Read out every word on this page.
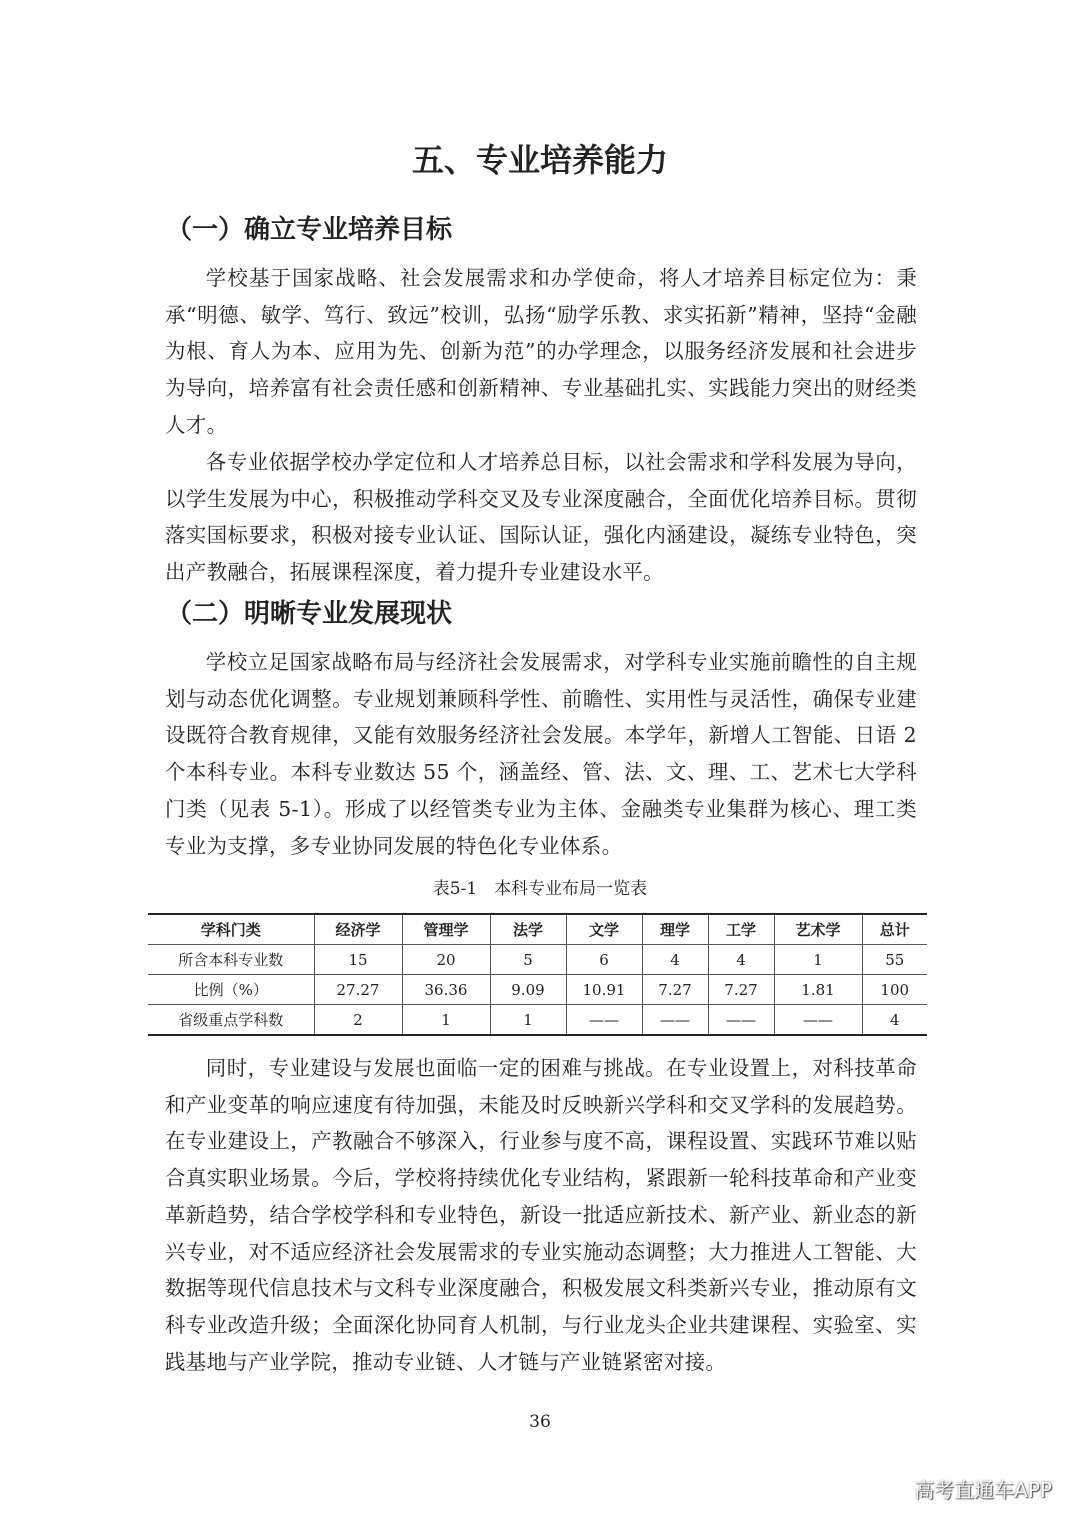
五、专业培养能力
（一）确立专业培养目标

学校基于国家战略、社会发展需求和办学使命，将人才培养目标定位为：秉承“明德、敏学、笃行、致远”校训，弘扬“励学乐教、求实拓新”精神，坚持“金融为根、育人为本、应用为先、创新为范”的办学理念，以服务经济发展和社会进步为导向，培养富有社会责任感和创新精神、专业基础扎实、实践能力突出的财经类人才。

各专业依据学校办学定位和人才培养总目标，以社会需求和学科发展为导向，以学生发展为中心，积极推动学科交叉及专业深度融合，全面优化培养目标。贯彻落实国标要求，积极对接专业认证、国际认证，强化内涵建设，凝练专业特色，突出产教融合，拓展课程深度，着力提升专业建设水平。

（二）明晰专业发展现状

学校立足国家战略布局与经济社会发展需求，对学科专业实施前瞻性的自主规划与动态优化调整。专业规划兼顾科学性、前瞻性、实用性与灵活性，确保专业建设既符合教育规律，又能有效服务经济社会发展。本学年，新增人工智能、日语 2 个本科专业。本科专业数达 55 个，涵盖经、管、法、文、理、工、艺术七大学科门类（见表 5-1）。形成了以经管类专业为主体、金融类专业集群为核心、理工类专业为支撑，多专业协同发展的特色化专业体系。

表5-1　本科专业布局一览表

学科门类	经济学	管理学	法学	文学	理学	工学	艺术学	总计
所含本科专业数	15	20	5	6	4	4	1	55
比例（%）	27.27	36.36	9.09	10.91	7.27	7.27	1.81	100
省级重点学科数	2	1	1	——	——	——	——	4

同时，专业建设与发展也面临一定的困难与挑战。在专业设置上，对科技革命和产业变革的响应速度有待加强，未能及时反映新兴学科和交叉学科的发展趋势。在专业建设上，产教融合不够深入，行业参与度不高，课程设置、实践环节难以贴合真实职业场景。今后，学校将持续优化专业结构，紧跟新一轮科技革命和产业变革新趋势，结合学校学科和专业特色，新设一批适应新技术、新产业、新业态的新兴专业，对不适应经济社会发展需求的专业实施动态调整；大力推进人工智能、大数据等现代信息技术与文科专业深度融合，积极发展文科类新兴专业，推动原有文科专业改造升级；全面深化协同育人机制，与行业龙头企业共建课程、实验室、实践基地与产业学院，推动专业链、人才链与产业链紧密对接。

36

高考直通车APP
